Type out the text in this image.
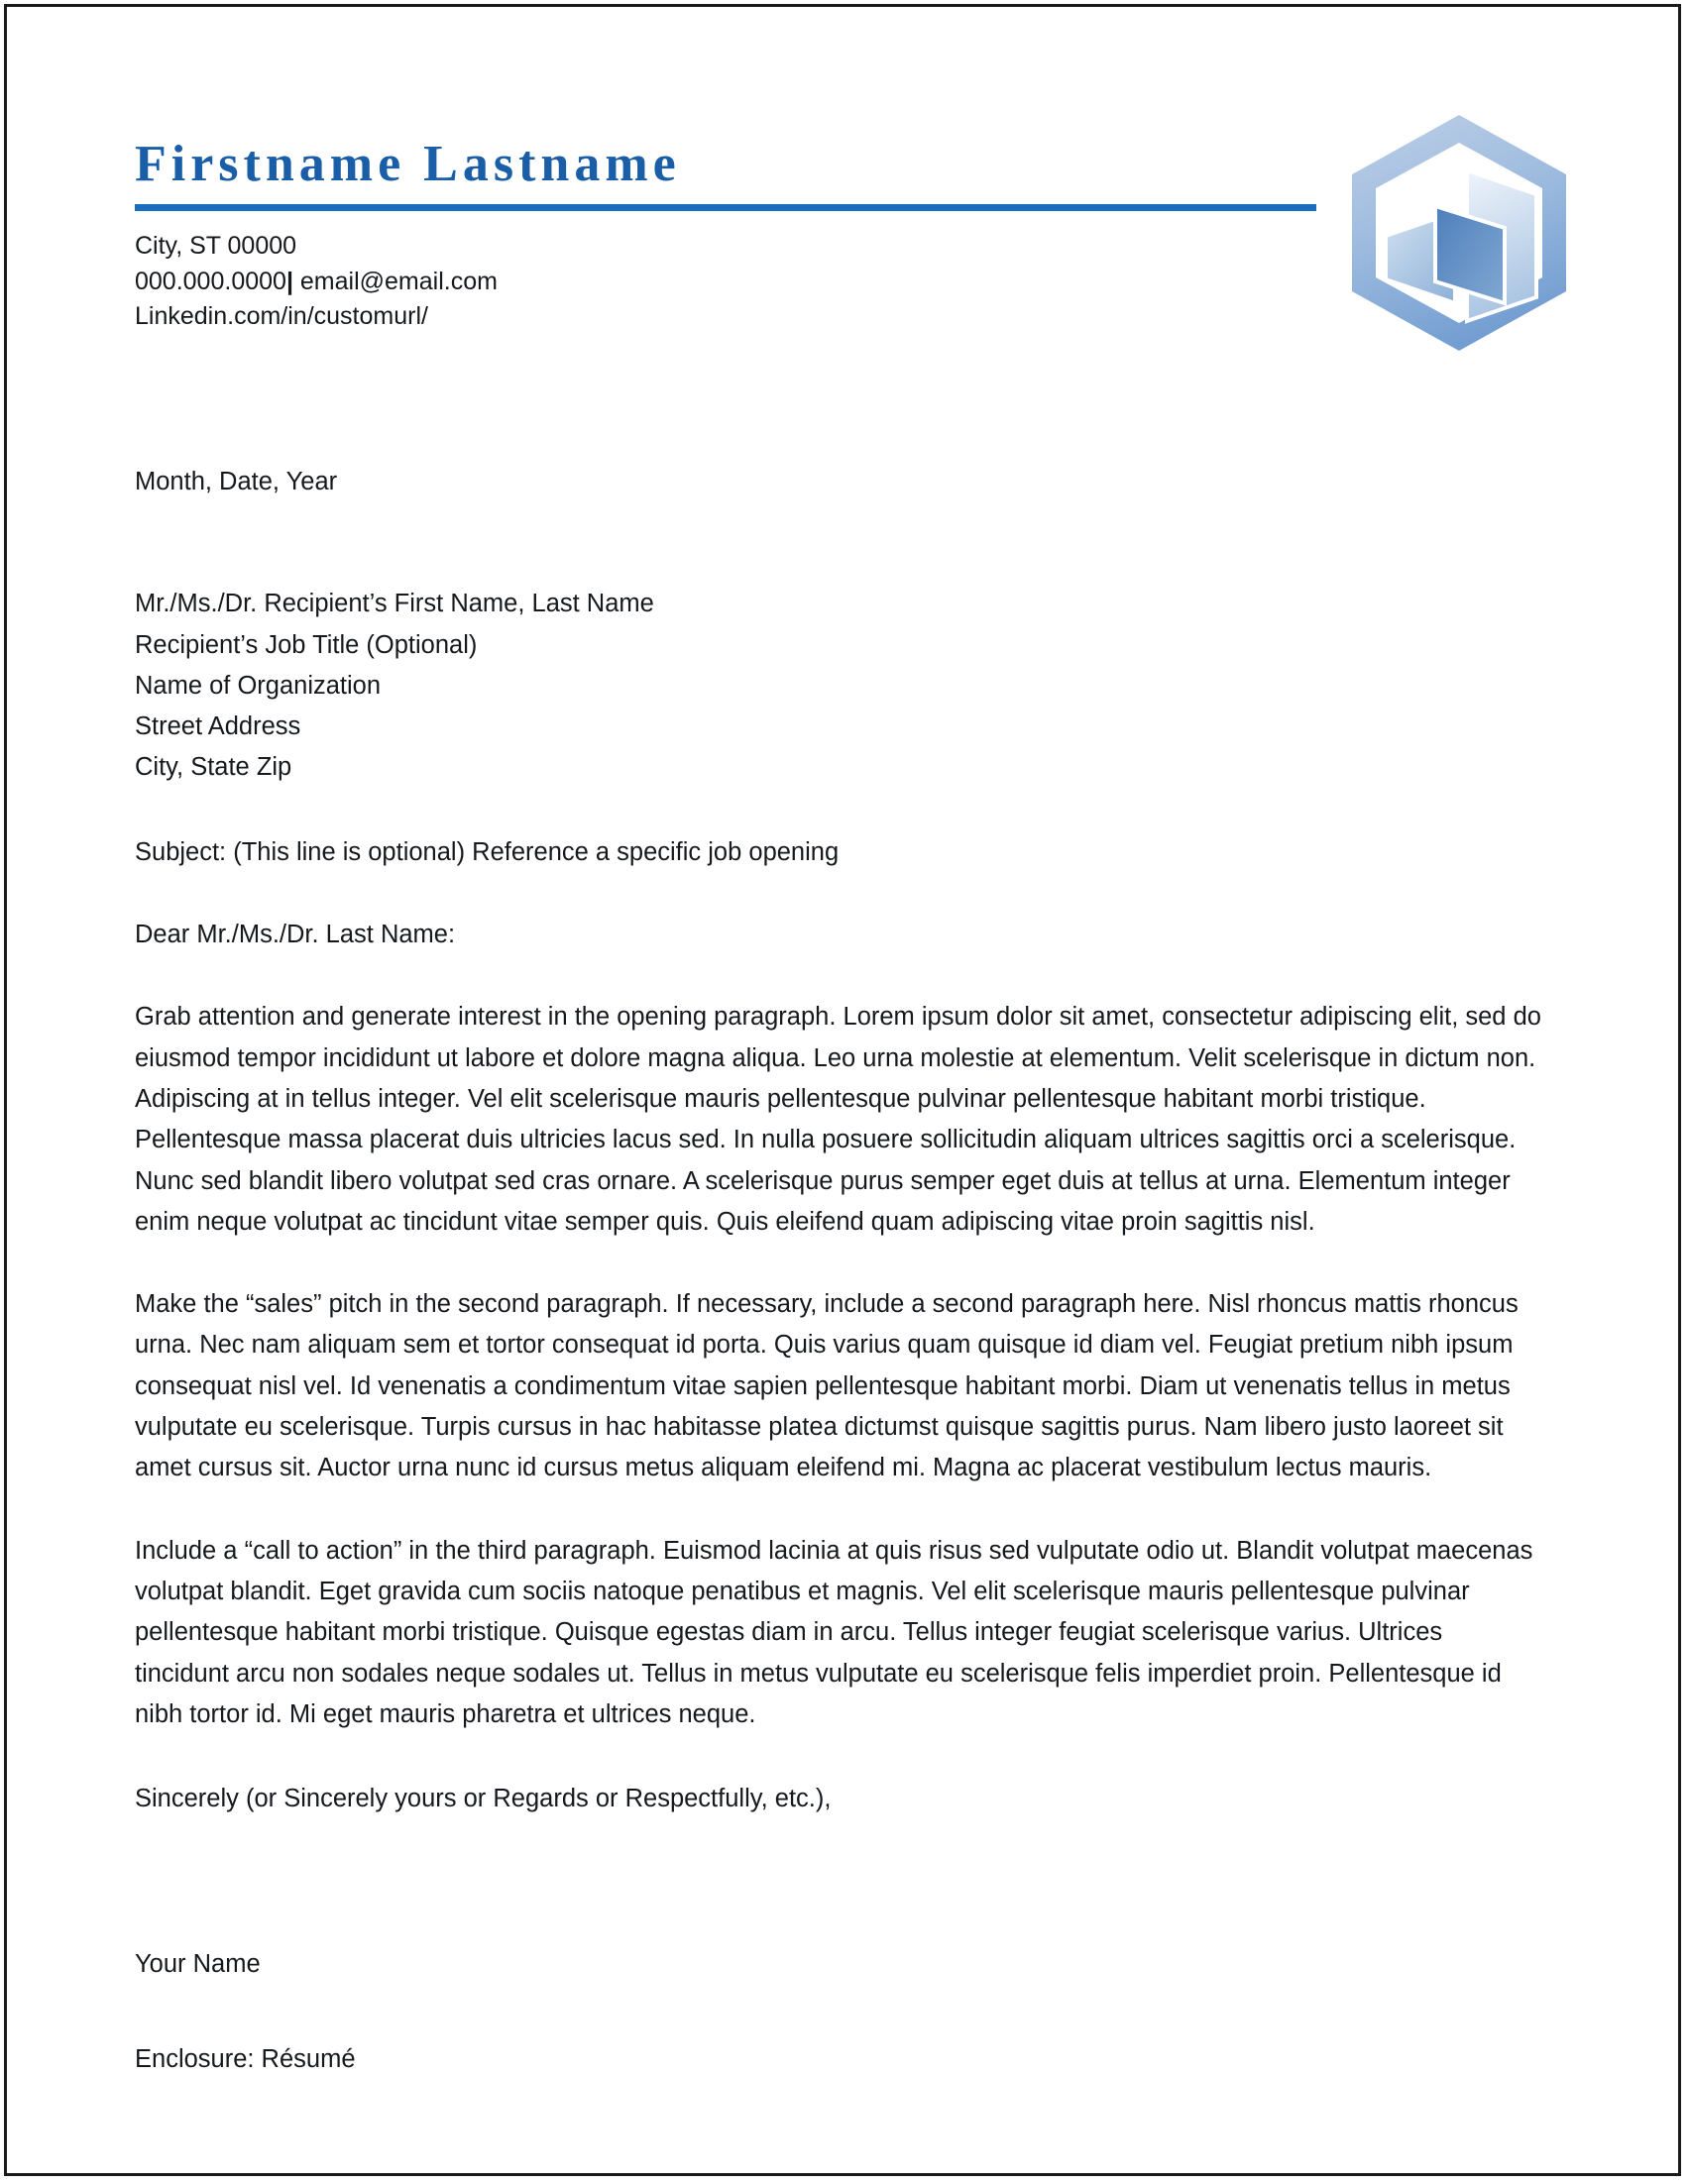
Firstname Lastname
City, ST 00000
000.000.0000| email@email.com
Linkedin.com/in/customurl/
Month, Date, Year
Mr./Ms./Dr. Recipient’s First Name, Last Name
Recipient’s Job Title (Optional)
Name of Organization
Street Address
City, State Zip
Subject: (This line is optional) Reference a specific job opening
Dear Mr./Ms./Dr. Last Name:
Grab attention and generate interest in the opening paragraph. Lorem ipsum dolor sit amet, consectetur adipiscing elit, sed do eiusmod tempor incididunt ut labore et dolore magna aliqua. Leo urna molestie at elementum. Velit scelerisque in dictum non. Adipiscing at in tellus integer. Vel elit scelerisque mauris pellentesque pulvinar pellentesque habitant morbi tristique. Pellentesque massa placerat duis ultricies lacus sed. In nulla posuere sollicitudin aliquam ultrices sagittis orci a scelerisque. Nunc sed blandit libero volutpat sed cras ornare. A scelerisque purus semper eget duis at tellus at urna. Elementum integer enim neque volutpat ac tincidunt vitae semper quis. Quis eleifend quam adipiscing vitae proin sagittis nisl.
Make the “sales” pitch in the second paragraph. If necessary, include a second paragraph here. Nisl rhoncus mattis rhoncus urna. Nec nam aliquam sem et tortor consequat id porta. Quis varius quam quisque id diam vel. Feugiat pretium nibh ipsum consequat nisl vel. Id venenatis a condimentum vitae sapien pellentesque habitant morbi. Diam ut venenatis tellus in metus vulputate eu scelerisque. Turpis cursus in hac habitasse platea dictumst quisque sagittis purus. Nam libero justo laoreet sit amet cursus sit. Auctor urna nunc id cursus metus aliquam eleifend mi. Magna ac placerat vestibulum lectus mauris.
Include a “call to action” in the third paragraph. Euismod lacinia at quis risus sed vulputate odio ut. Blandit volutpat maecenas volutpat blandit. Eget gravida cum sociis natoque penatibus et magnis. Vel elit scelerisque mauris pellentesque pulvinar pellentesque habitant morbi tristique. Quisque egestas diam in arcu. Tellus integer feugiat scelerisque varius. Ultrices tincidunt arcu non sodales neque sodales ut. Tellus in metus vulputate eu scelerisque felis imperdiet proin. Pellentesque id nibh tortor id. Mi eget mauris pharetra et ultrices neque.
Sincerely (or Sincerely yours or Regards or Respectfully, etc.),
Your Name
Enclosure: Résumé
